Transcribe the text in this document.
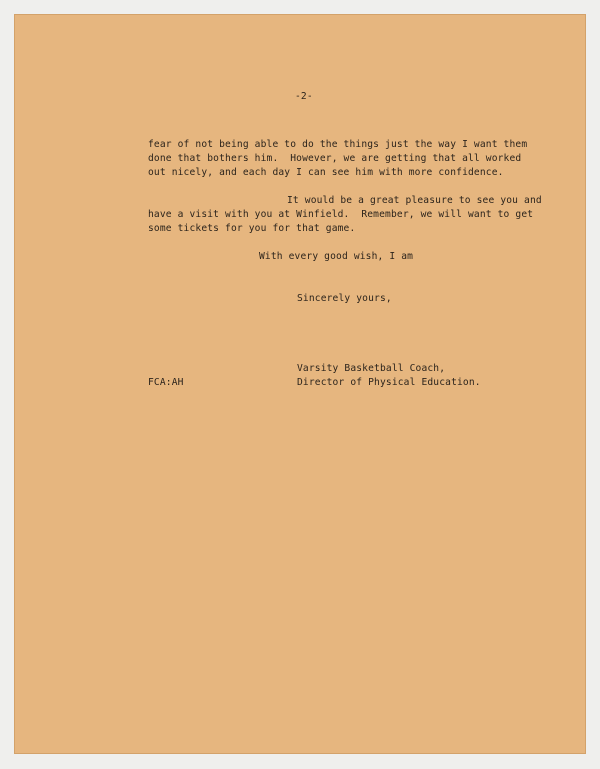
-2-
fear of not being able to do the things just the way I want them
done that bothers him.  However, we are getting that all worked
out nicely, and each day I can see him with more confidence.
It would be a great pleasure to see you and
have a visit with you at Winfield.  Remember, we will want to get
some tickets for you for that game.
With every good wish, I am
Sincerely yours,
Varsity Basketball Coach,
Director of Physical Education.
FCA:AH
